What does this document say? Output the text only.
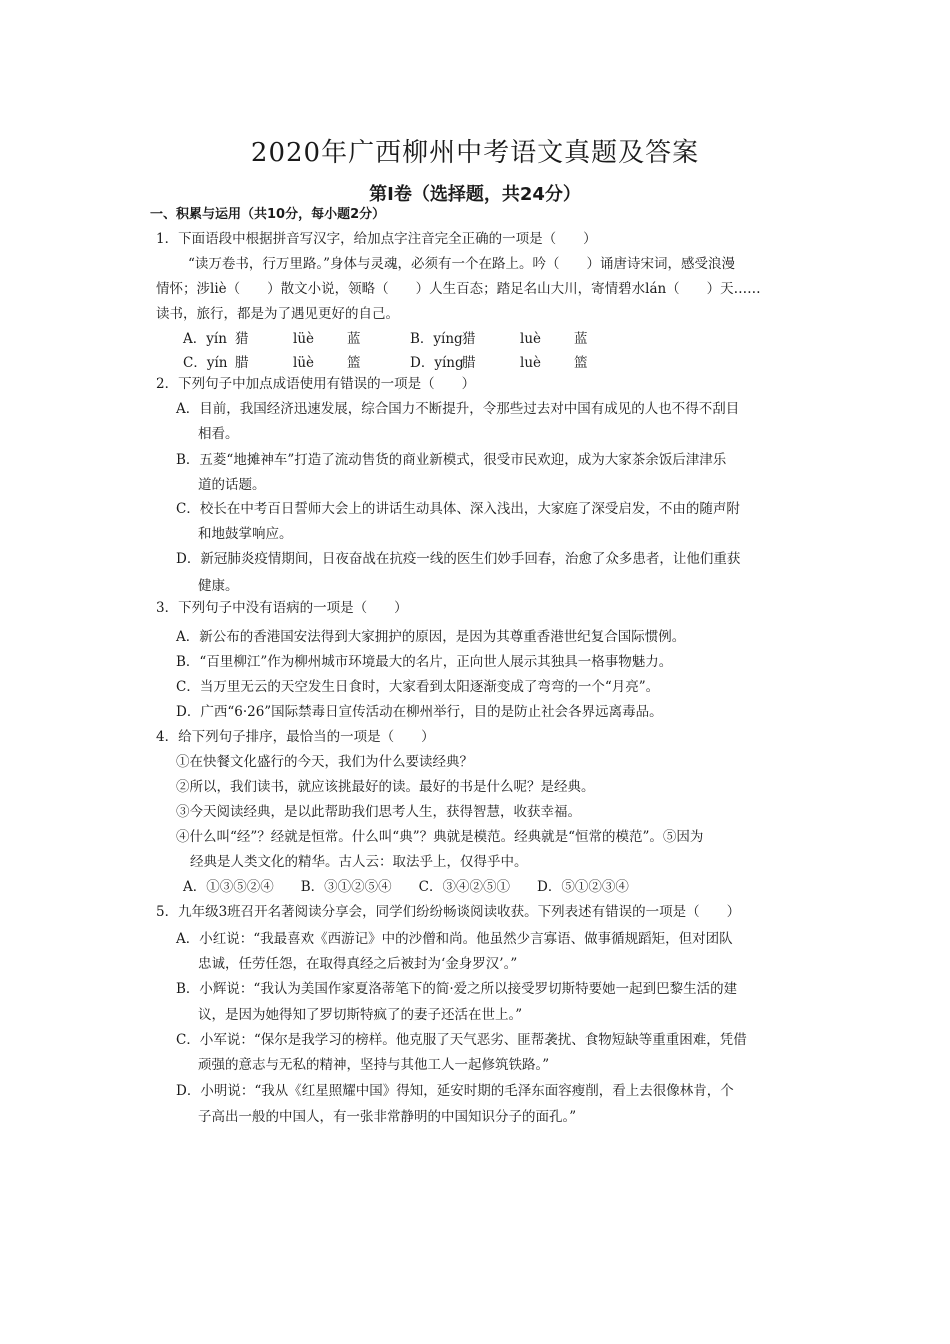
2020年广西柳州中考语文真题及答案
第Ⅰ卷（选择题，共24分）
一、积累与运用（共10分，每小题2分）
1．下面语段中根据拼音写汉字，给加点字注音完全正确的一项是（　　）
“读万卷书，行万里路。”身体与灵魂，必须有一个在路上。吟（　　）诵唐诗宋词，感受浪漫
情怀；涉liè（　　）散文小说，领略（　　）人生百态；踏足名山大川，寄情碧水lán（　　）天……
读书，旅行，都是为了遇见更好的自己。
A．yín 猎	lüè 蓝	B．yíng猎	luè 蓝
C．yín 腊	lüè 篮	D．yíng腊	luè 篮
2．下列句子中加点成语使用有错误的一项是（　　）
A．目前，我国经济迅速发展，综合国力不断提升，令那些过去对中国有成见的人也不得不刮目
相看。
B．五菱“地摊神车”打造了流动售货的商业新模式，很受市民欢迎，成为大家茶余饭后津津乐
道的话题。
C．校长在中考百日誓师大会上的讲话生动具体、深入浅出，大家庭了深受启发，不由的随声附
和地鼓掌响应。
D．新冠肺炎疫情期间，日夜奋战在抗疫一线的医生们妙手回春，治愈了众多患者，让他们重获
健康。
3．下列句子中没有语病的一项是（　　）
A．新公布的香港国安法得到大家拥护的原因，是因为其尊重香港世纪复合国际惯例。
B．“百里柳江”作为柳州城市环境最大的名片，正向世人展示其独具一格事物魅力。
C．当万里无云的天空发生日食时，大家看到太阳逐渐变成了弯弯的一个“月亮”。
D．广西“6·26”国际禁毒日宣传活动在柳州举行，目的是防止社会各界远离毒品。
4．给下列句子排序，最恰当的一项是（　　）
①在快餐文化盛行的今天，我们为什么要读经典？
②所以，我们读书，就应该挑最好的读。最好的书是什么呢？是经典。
③今天阅读经典，是以此帮助我们思考人生，获得智慧，收获幸福。
④什么叫“经”？经就是恒常。什么叫“典”？典就是模范。经典就是“恒常的模范”。⑤因为
经典是人类文化的精华。古人云：取法乎上，仅得乎中。
A．①③⑤②④　　B．③①②⑤④　　C．③④②⑤①　　D．⑤①②③④
5．九年级3班召开名著阅读分享会，同学们纷纷畅谈阅读收获。下列表述有错误的一项是（　　）
A．小红说：“我最喜欢《西游记》中的沙僧和尚。他虽然少言寡语、做事循规蹈矩，但对团队
忠诚，任劳任怨，在取得真经之后被封为‘金身罗汉’。”
B．小辉说：“我认为美国作家夏洛蒂笔下的简·爱之所以接受罗切斯特要她一起到巴黎生活的建
议，是因为她得知了罗切斯特疯了的妻子还活在世上。”
C．小军说：“保尔是我学习的榜样。他克服了天气恶劣、匪帮袭扰、食物短缺等重重困难，凭借
顽强的意志与无私的精神，坚持与其他工人一起修筑铁路。”
D．小明说：“我从《红星照耀中国》得知，延安时期的毛泽东面容瘦削，看上去很像林肯，个
子高出一般的中国人，有一张非常静明的中国知识分子的面孔。”
